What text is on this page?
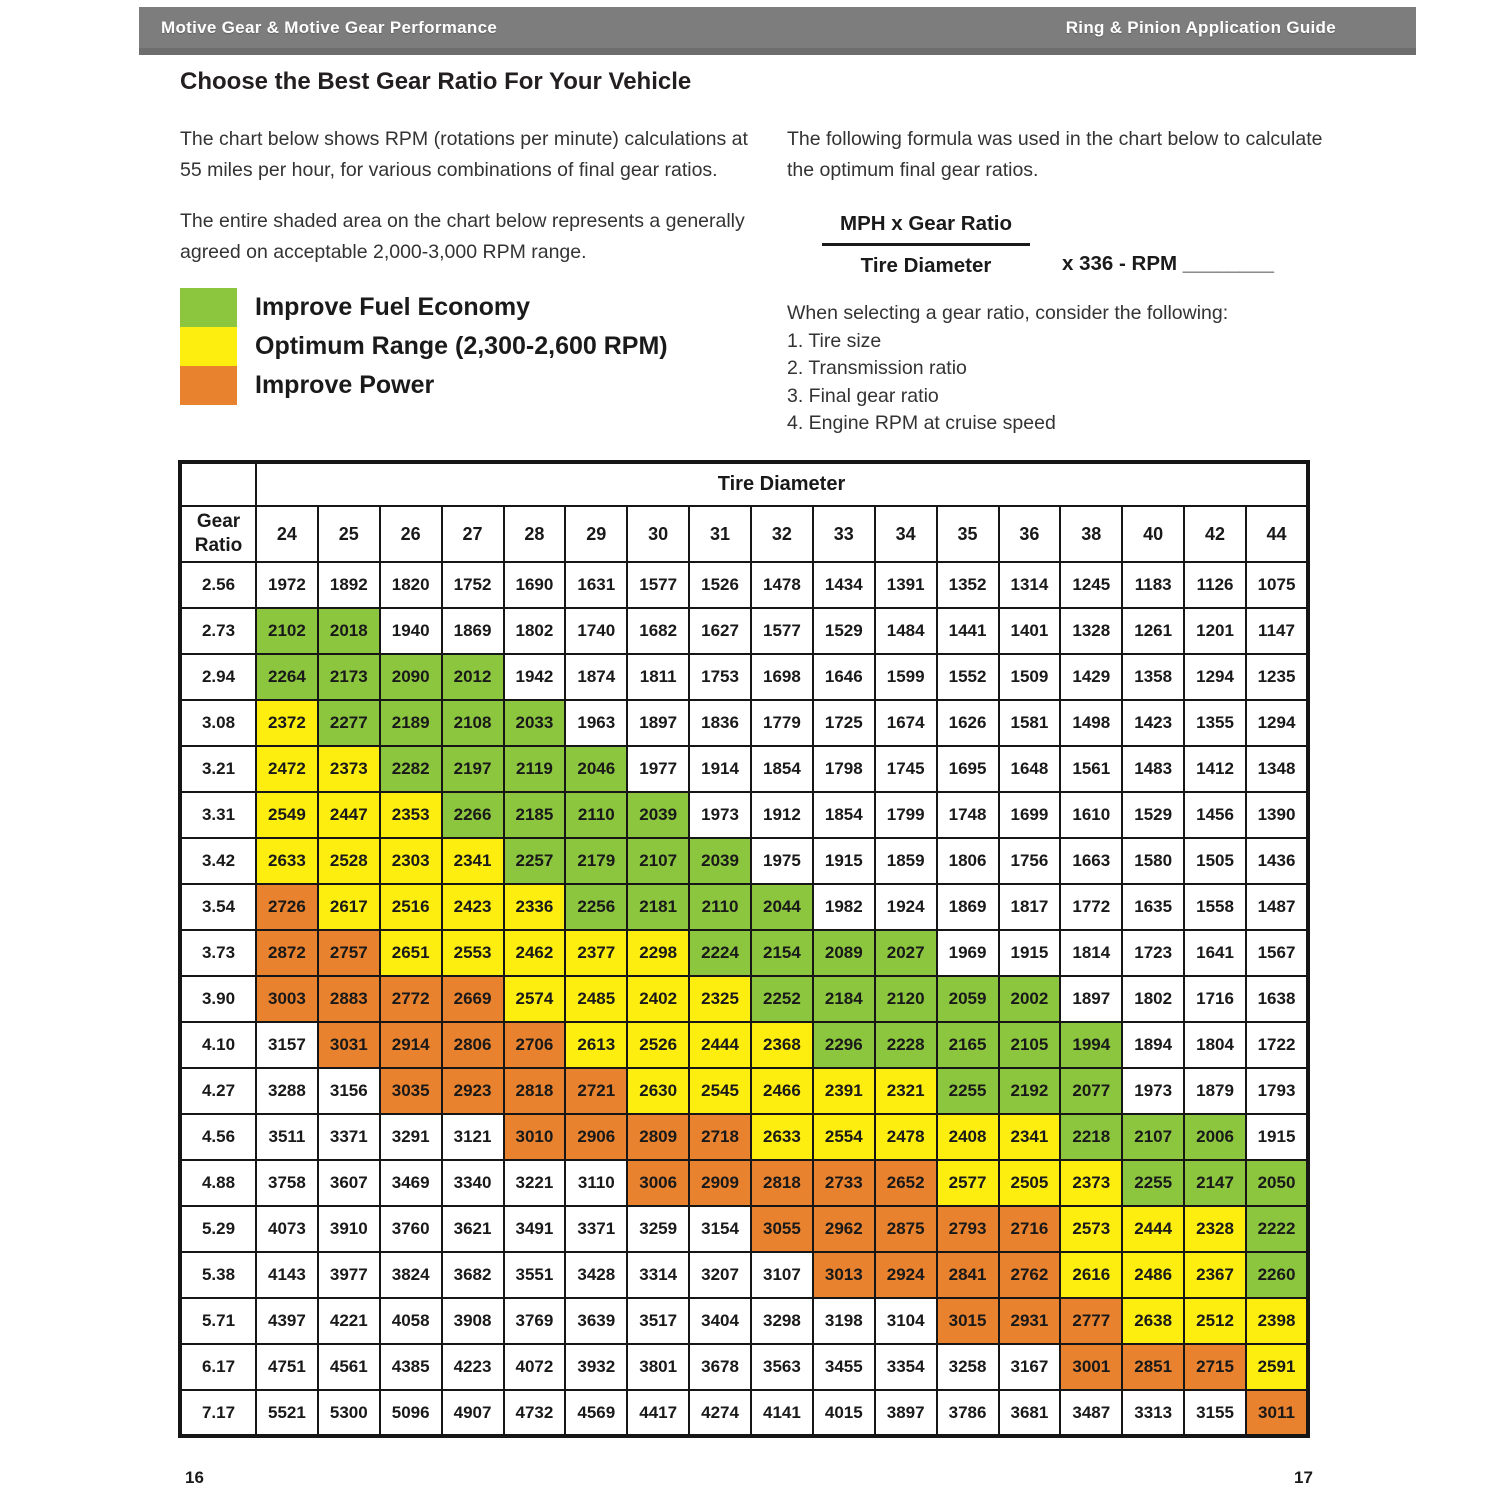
Motive Gear & Motive Gear Performance	Ring & Pinion Application Guide
Choose the Best Gear Ratio For Your Vehicle

The chart below shows RPM (rotations per minute) calculations at 55 miles per hour, for various combinations of final gear ratios.

The entire shaded area on the chart below represents a generally agreed on acceptable 2,000-3,000 RPM range.

Improve Fuel Economy
Optimum Range (2,300-2,600 RPM)
Improve Power

The following formula was used in the chart below to calculate the optimum final gear ratios.

$\frac{\text{MPH x Gear Ratio}}{\text{Tire Diameter}}$ x 336 - RPM ________
When selecting a gear ratio, consider the following:
1. Tire size
2. Transmission ratio
3. Final gear ratio
4. Engine RPM at cruise speed
	Tire Diameter																
Gear
Ratio	24	25	26	27	28	29	30	31	32	33	34	35	36	38	40	42	44
2.56	1972	1892	1820	1752	1690	1631	1577	1526	1478	1434	1391	1352	1314	1245	1183	1126	1075
2.73	2102	2018	1940	1869	1802	1740	1682	1627	1577	1529	1484	1441	1401	1328	1261	1201	1147
2.94	2264	2173	2090	2012	1942	1874	1811	1753	1698	1646	1599	1552	1509	1429	1358	1294	1235
3.08	2372	2277	2189	2108	2033	1963	1897	1836	1779	1725	1674	1626	1581	1498	1423	1355	1294
3.21	2472	2373	2282	2197	2119	2046	1977	1914	1854	1798	1745	1695	1648	1561	1483	1412	1348
3.31	2549	2447	2353	2266	2185	2110	2039	1973	1912	1854	1799	1748	1699	1610	1529	1456	1390
3.42	2633	2528	2303	2341	2257	2179	2107	2039	1975	1915	1859	1806	1756	1663	1580	1505	1436
3.54	2726	2617	2516	2423	2336	2256	2181	2110	2044	1982	1924	1869	1817	1772	1635	1558	1487
3.73	2872	2757	2651	2553	2462	2377	2298	2224	2154	2089	2027	1969	1915	1814	1723	1641	1567
3.90	3003	2883	2772	2669	2574	2485	2402	2325	2252	2184	2120	2059	2002	1897	1802	1716	1638
4.10	3157	3031	2914	2806	2706	2613	2526	2444	2368	2296	2228	2165	2105	1994	1894	1804	1722
4.27	3288	3156	3035	2923	2818	2721	2630	2545	2466	2391	2321	2255	2192	2077	1973	1879	1793
4.56	3511	3371	3291	3121	3010	2906	2809	2718	2633	2554	2478	2408	2341	2218	2107	2006	1915
4.88	3758	3607	3469	3340	3221	3110	3006	2909	2818	2733	2652	2577	2505	2373	2255	2147	2050
5.29	4073	3910	3760	3621	3491	3371	3259	3154	3055	2962	2875	2793	2716	2573	2444	2328	2222
5.38	4143	3977	3824	3682	3551	3428	3314	3207	3107	3013	2924	2841	2762	2616	2486	2367	2260
5.71	4397	4221	4058	3908	3769	3639	3517	3404	3298	3198	3104	3015	2931	2777	2638	2512	2398
6.17	4751	4561	4385	4223	4072	3932	3801	3678	3563	3455	3354	3258	3167	3001	2851	2715	2591
7.17	5521	5300	5096	4907	4732	4569	4417	4274	4141	4015	3897	3786	3681	3487	3313	3155	3011
16	17
